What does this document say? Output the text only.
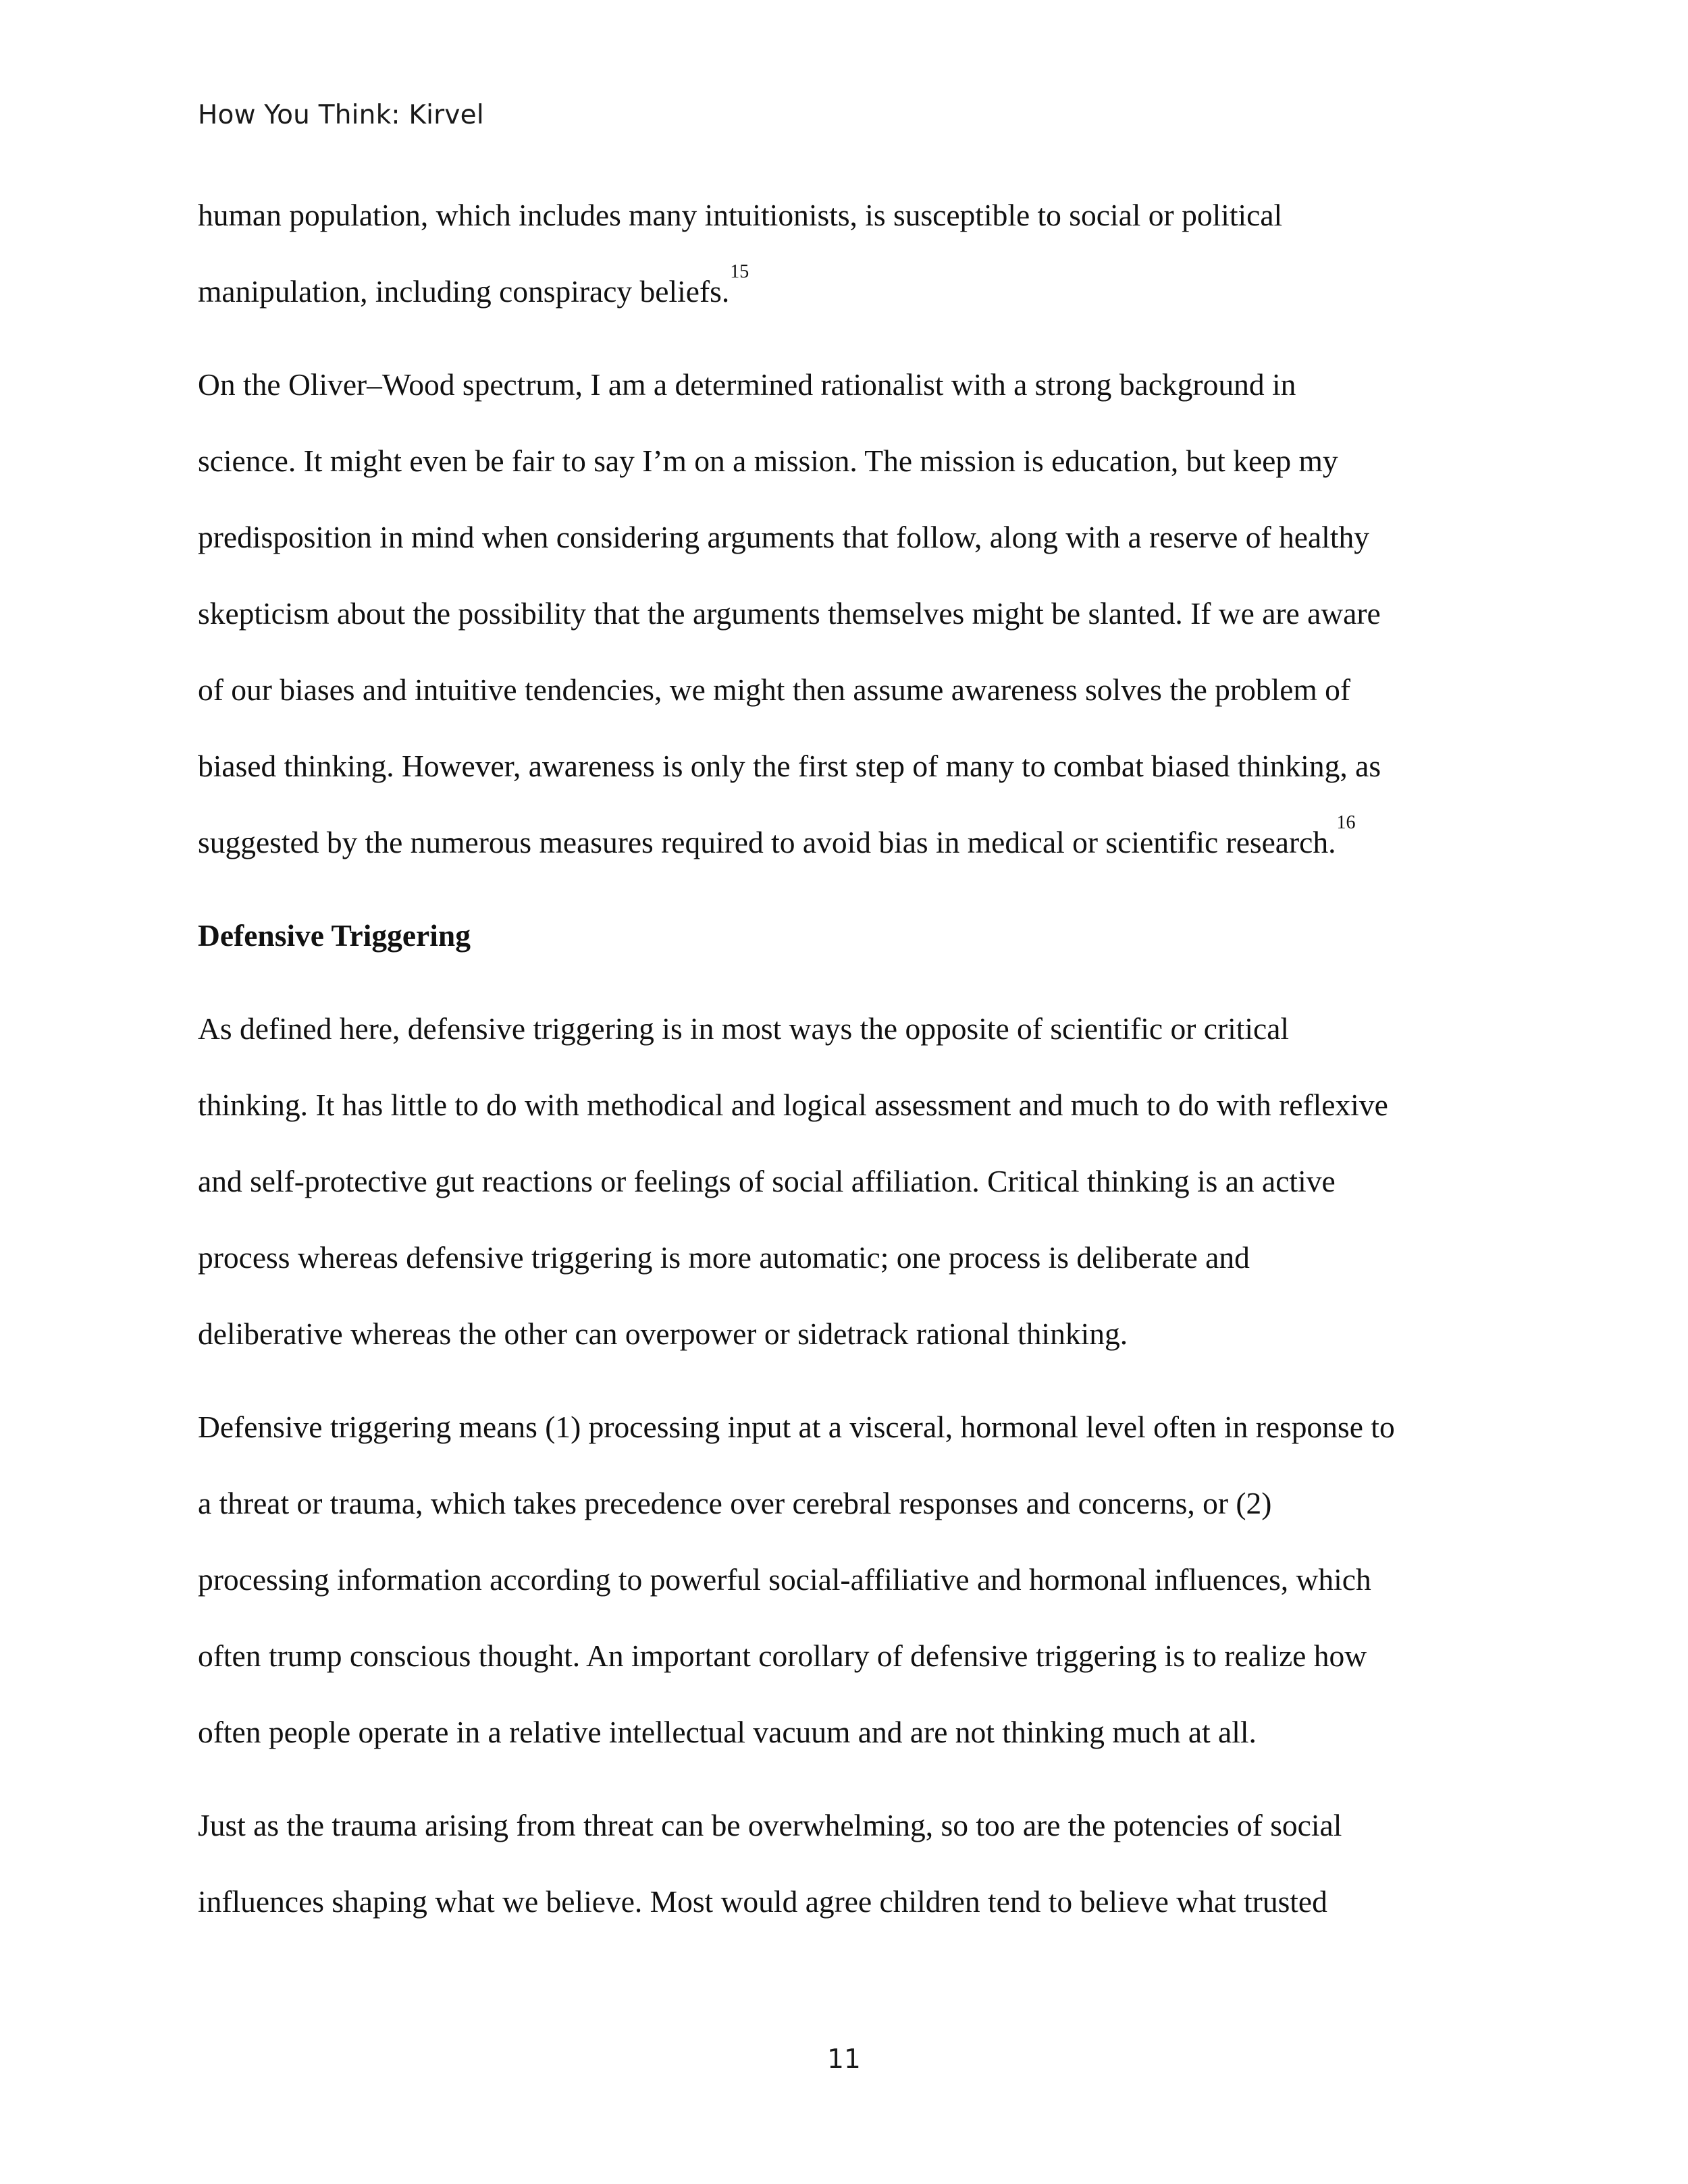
How You Think: Kirvel
human population, which includes many intuitionists, is susceptible to social or political
manipulation, including conspiracy beliefs.$^{15}$
On the Oliver–Wood spectrum, I am a determined rationalist with a strong background in
science. It might even be fair to say I’m on a mission. The mission is education, but keep my
predisposition in mind when considering arguments that follow, along with a reserve of healthy
skepticism about the possibility that the arguments themselves might be slanted. If we are aware
of our biases and intuitive tendencies, we might then assume awareness solves the problem of
biased thinking. However, awareness is only the first step of many to combat biased thinking, as
suggested by the numerous measures required to avoid bias in medical or scientific research.$^{16}$
Defensive Triggering
As defined here, defensive triggering is in most ways the opposite of scientific or critical
thinking. It has little to do with methodical and logical assessment and much to do with reflexive
and self-protective gut reactions or feelings of social affiliation. Critical thinking is an active
process whereas defensive triggering is more automatic; one process is deliberate and
deliberative whereas the other can overpower or sidetrack rational thinking.
Defensive triggering means (1) processing input at a visceral, hormonal level often in response to
a threat or trauma, which takes precedence over cerebral responses and concerns, or (2)
processing information according to powerful social-affiliative and hormonal influences, which
often trump conscious thought. An important corollary of defensive triggering is to realize how
often people operate in a relative intellectual vacuum and are not thinking much at all.
Just as the trauma arising from threat can be overwhelming, so too are the potencies of social
influences shaping what we believe. Most would agree children tend to believe what trusted
11
